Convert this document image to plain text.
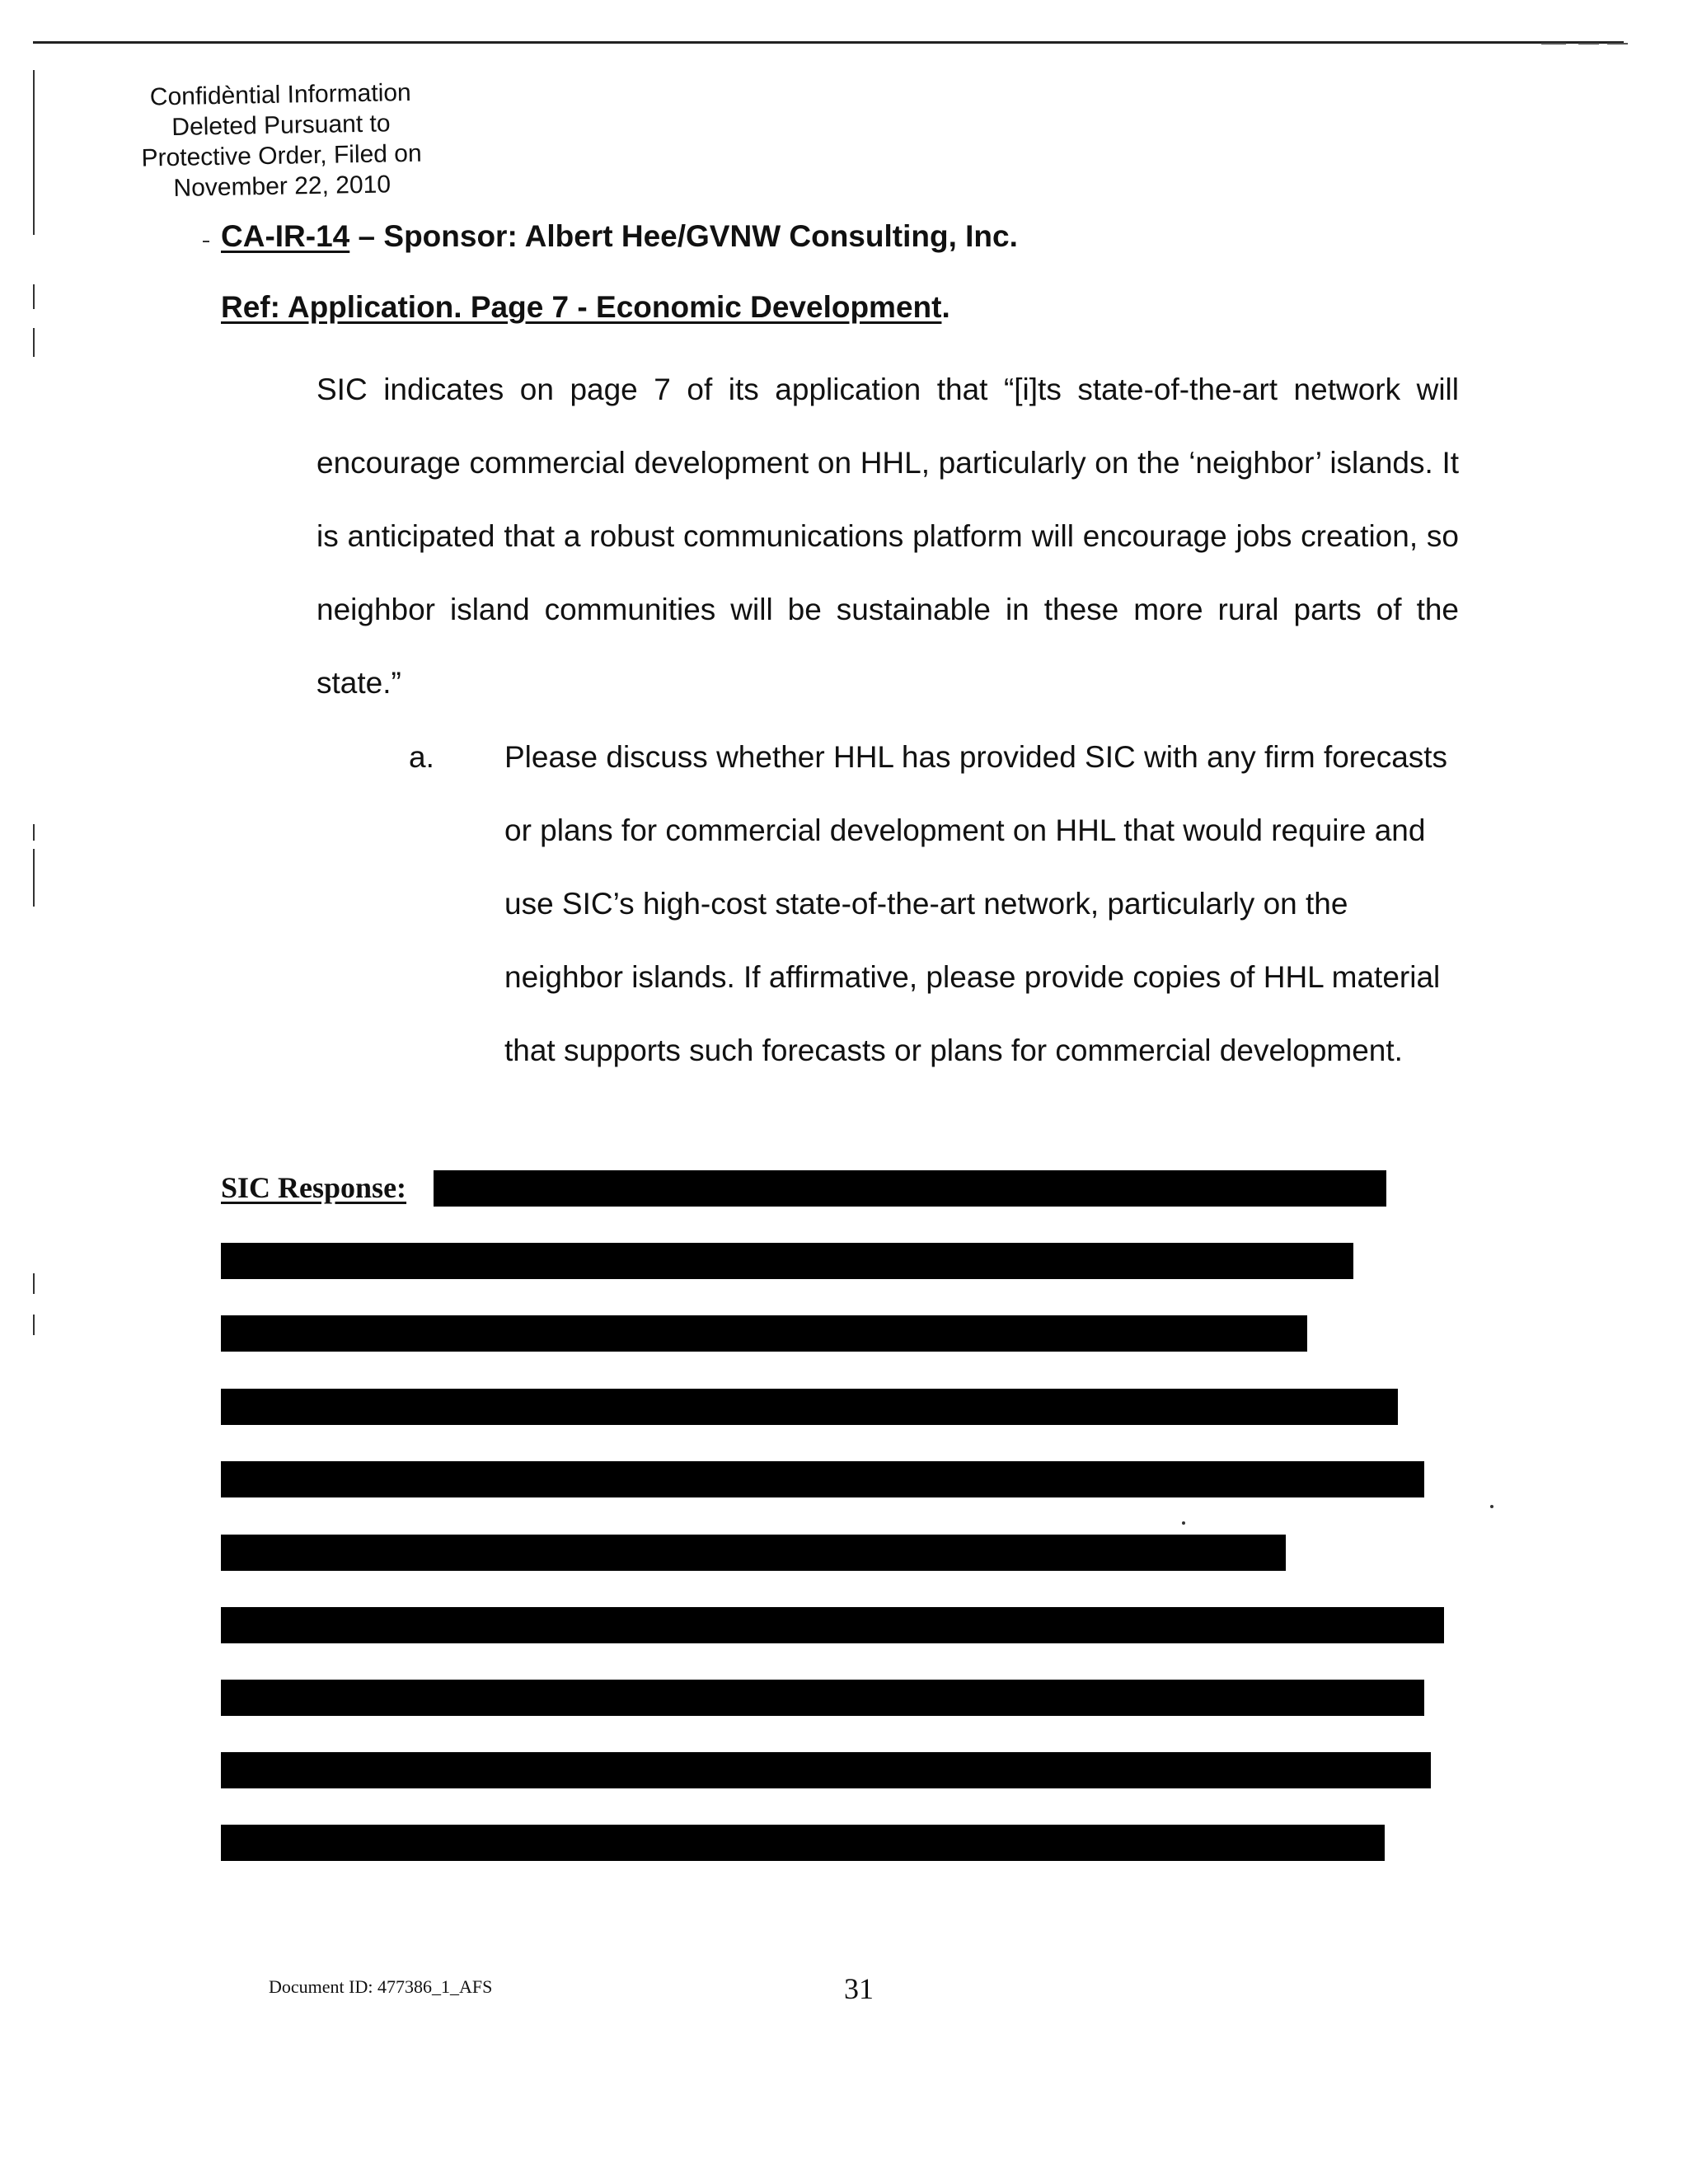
Confidèntial Information
Deleted Pursuant to
Protective Order, Filed on
November 22, 2010
CA-IR-14 – Sponsor: Albert Hee/GVNW Consulting, Inc.
Ref: Application. Page 7 - Economic Development.
SIC indicates on page 7 of its application that “[i]ts state-of-the-art network will encourage commercial development on HHL, particularly on the ‘neighbor’ islands. It is anticipated that a robust communications platform will encourage jobs creation, so neighbor island communities will be sustainable in these more rural parts of the state.”
a. Please discuss whether HHL has provided SIC with any firm forecasts or plans for commercial development on HHL that would require and use SIC’s high-cost state-of-the-art network, particularly on the neighbor islands. If affirmative, please provide copies of HHL material that supports such forecasts or plans for commercial development.
SIC Response:
Document ID: 477386_1_AFS	31
